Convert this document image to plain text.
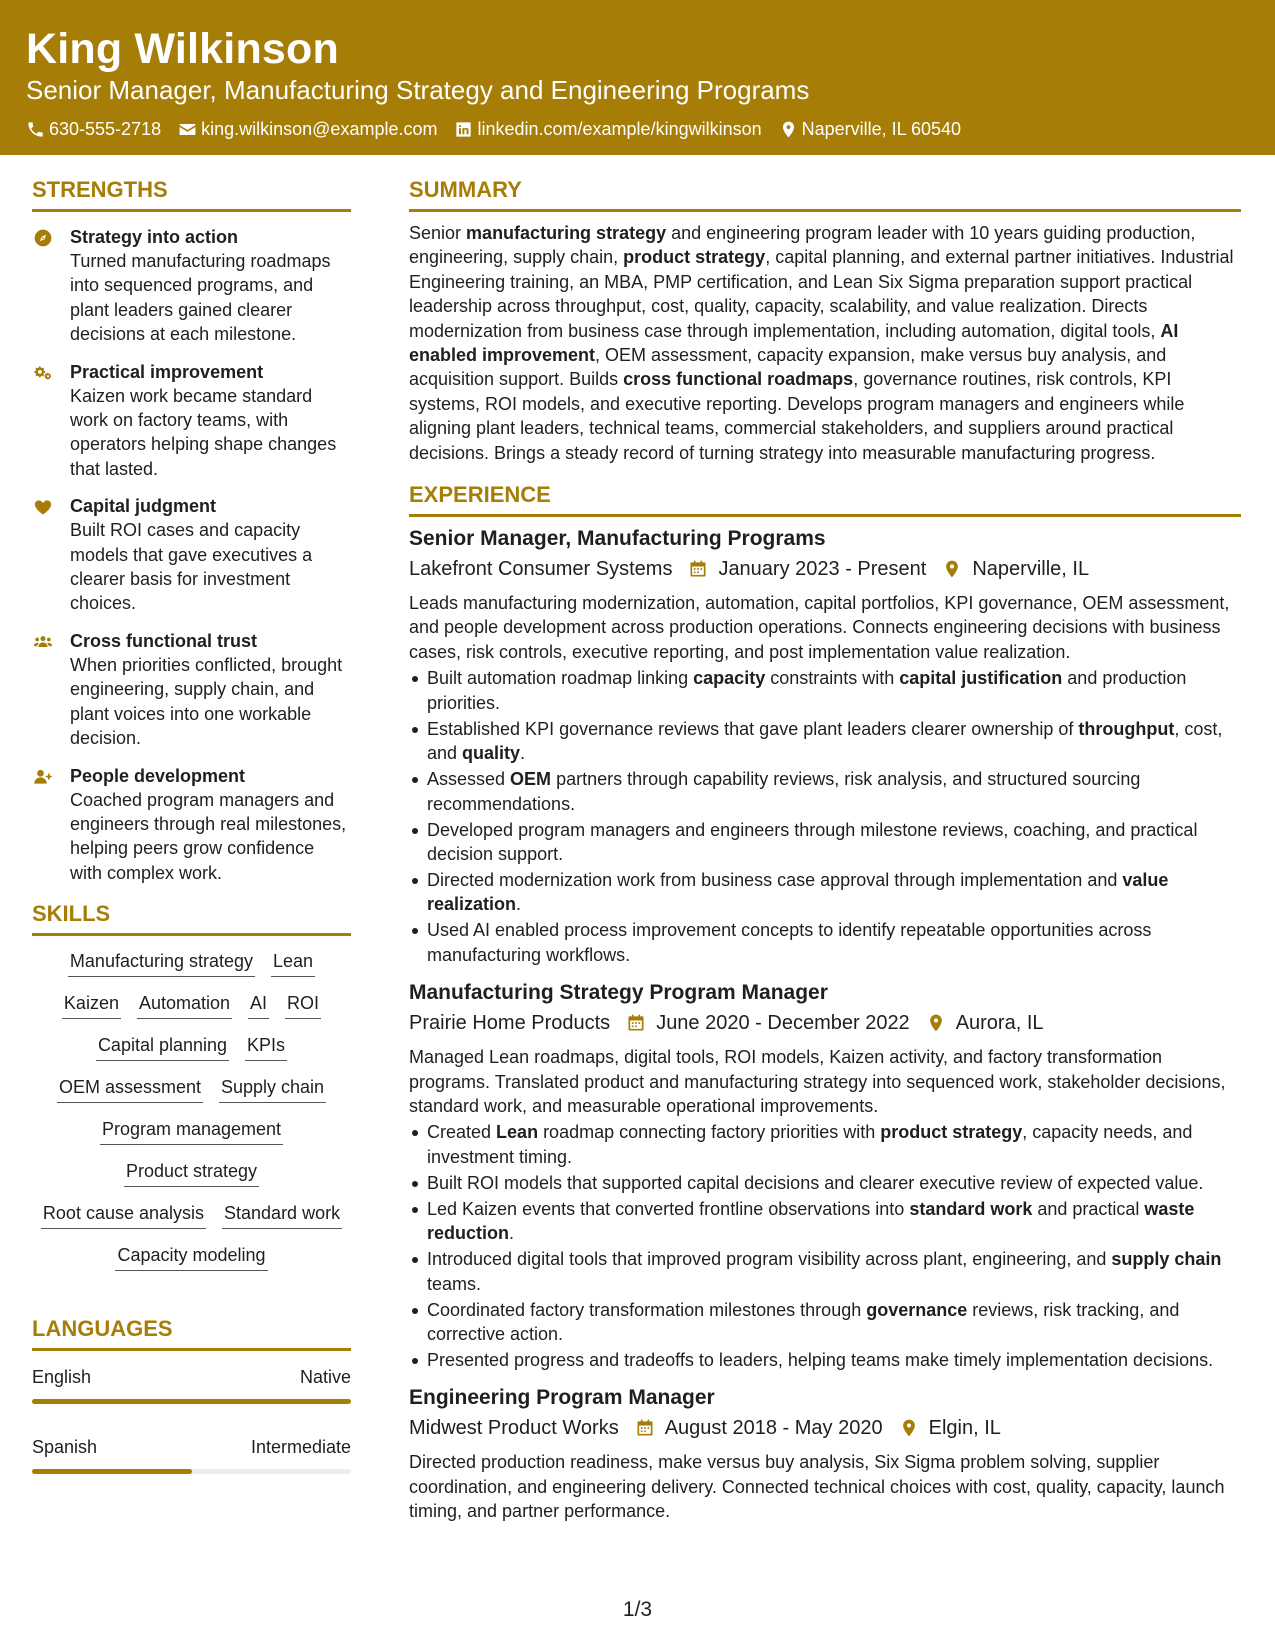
King Wilkinson
Senior Manager, Manufacturing Strategy and Engineering Programs
630-555-2718 king.wilkinson@example.com linkedin.com/example/kingwilkinson Naperville, IL 60540
STRENGTHS
Strategy into action
Turned manufacturing roadmaps into sequenced programs, and plant leaders gained clearer decisions at each milestone.
Practical improvement
Kaizen work became standard work on factory teams, with operators helping shape changes that lasted.
Capital judgment
Built ROI cases and capacity models that gave executives a clearer basis for investment choices.
Cross functional trust
When priorities conflicted, brought engineering, supply chain, and plant voices into one workable decision.
People development
Coached program managers and engineers through real milestones, helping peers grow confidence with complex work.
SKILLS
Manufacturing strategy Lean
Kaizen Automation AI ROI
Capital planning KPIs
OEM assessment Supply chain
Program management
Product strategy
Root cause analysis Standard work
Capacity modeling
LANGUAGES
English	Native
Spanish	Intermediate
SUMMARY
Senior manufacturing strategy and engineering program leader with 10 years guiding production, engineering, supply chain, product strategy, capital planning, and external partner initiatives. Industrial Engineering training, an MBA, PMP certification, and Lean Six Sigma preparation support practical leadership across throughput, cost, quality, capacity, scalability, and value realization. Directs modernization from business case through implementation, including automation, digital tools, AI enabled improvement, OEM assessment, capacity expansion, make versus buy analysis, and acquisition support. Builds cross functional roadmaps, governance routines, risk controls, KPI systems, ROI models, and executive reporting. Develops program managers and engineers while aligning plant leaders, technical teams, commercial stakeholders, and suppliers around practical decisions. Brings a steady record of turning strategy into measurable manufacturing progress.
EXPERIENCE
Senior Manager, Manufacturing Programs
Lakefront Consumer Systems January 2023 - Present Naperville, IL
Leads manufacturing modernization, automation, capital portfolios, KPI governance, OEM assessment, and people development across production operations. Connects engineering decisions with business cases, risk controls, executive reporting, and post implementation value realization.
Built automation roadmap linking capacity constraints with capital justification and production priorities.
Established KPI governance reviews that gave plant leaders clearer ownership of throughput, cost, and quality.
Assessed OEM partners through capability reviews, risk analysis, and structured sourcing recommendations.
Developed program managers and engineers through milestone reviews, coaching, and practical decision support.
Directed modernization work from business case approval through implementation and value realization.
Used AI enabled process improvement concepts to identify repeatable opportunities across manufacturing workflows.
Manufacturing Strategy Program Manager
Prairie Home Products June 2020 - December 2022 Aurora, IL
Managed Lean roadmaps, digital tools, ROI models, Kaizen activity, and factory transformation programs. Translated product and manufacturing strategy into sequenced work, stakeholder decisions, standard work, and measurable operational improvements.
Created Lean roadmap connecting factory priorities with product strategy, capacity needs, and investment timing.
Built ROI models that supported capital decisions and clearer executive review of expected value.
Led Kaizen events that converted frontline observations into standard work and practical waste reduction.
Introduced digital tools that improved program visibility across plant, engineering, and supply chain teams.
Coordinated factory transformation milestones through governance reviews, risk tracking, and corrective action.
Presented progress and tradeoffs to leaders, helping teams make timely implementation decisions.
Engineering Program Manager
Midwest Product Works August 2018 - May 2020 Elgin, IL
Directed production readiness, make versus buy analysis, Six Sigma problem solving, supplier coordination, and engineering delivery. Connected technical choices with cost, quality, capacity, launch timing, and partner performance.
1/3
